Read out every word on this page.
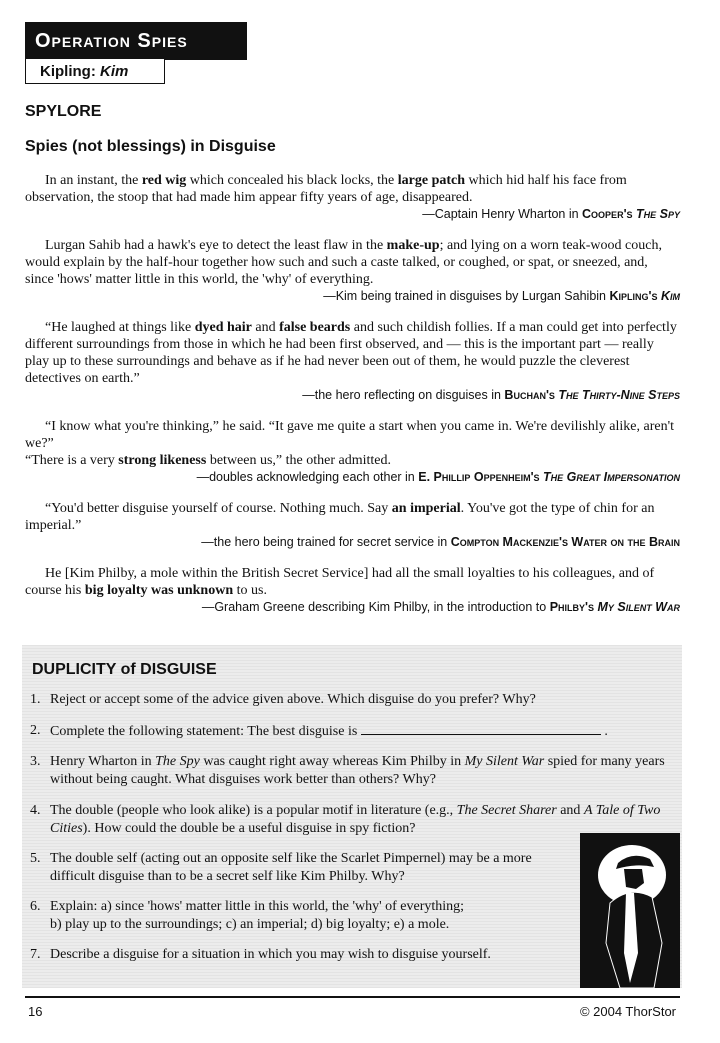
Operation Spies
Kipling:
Kim
SPYLORE
Spies (not blessings) in Disguise

In an instant, the red wig which concealed his black locks, the large patch which hid half his face from observation, the stoop that had made him appear fifty years of age, disappeared.

—Captain Henry Wharton in Cooper's The Spy

Lurgan Sahib had a hawk's eye to detect the least flaw in the make-up; and lying on a worn teak-wood couch, would explain by the half-hour together how such and such a caste talked, or coughed, or spat, or sneezed, and, since 'hows' matter little in this world, the 'why' of everything.

—Kim being trained in disguises by Lurgan Sahibin Kipling's Kim

“He laughed at things like dyed hair and false beards and such childish follies. If a man could get into perfectly different surroundings from those in which he had been first observed, and — this is the important part — really play up to these surroundings and behave as if he had never been out of them, he would puzzle the cleverest detectives on earth.”

—the hero reflecting on disguises in Buchan's The Thirty-Nine Steps

“I know what you're thinking,” he said. “It gave me quite a start when you came in. We're devilishly alike, aren't we?”
“There is a very strong likeness between us,” the other admitted.

—doubles acknowledging each other in E. Phillip Oppenheim's The Great Impersonation

“You'd better disguise yourself of course. Nothing much. Say an imperial. You've got the type of chin for an imperial.”

—the hero being trained for secret service in Compton Mackenzie's Water on the Brain

He [Kim Philby, a mole within the British Secret Service] had all the small loyalties to his colleagues, and of course his big loyalty was unknown to us.

—Graham Greene describing Kim Philby, in the introduction to Philby's My Silent War

DUPLICITY of DISGUISE
1. Reject or accept some of the advice given above. Which disguise do you prefer? Why?
2. Complete the following statement: The best disguise is	.
3. Henry Wharton in The Spy was caught right away whereas Kim Philby in My Silent War spied for many years without being caught. What disguises work better than others? Why?
4. The double (people who look alike) is a popular motif in literature (e.g., The Secret Sharer and A Tale of Two Cities). How could the double be a useful disguise in spy fiction?
5. The double self (acting out an opposite self like the Scarlet Pimpernel) may be a more difficult disguise than to be a secret self like Kim Philby. Why?
6. Explain: a) since 'hows' matter little in this world, the 'why' of everything;
b) play up to the surroundings; c) an imperial; d) big loyalty; e) a mole.
7. Describe a disguise for a situation in which you may wish to disguise yourself.
16	© 2004 ThorStor
